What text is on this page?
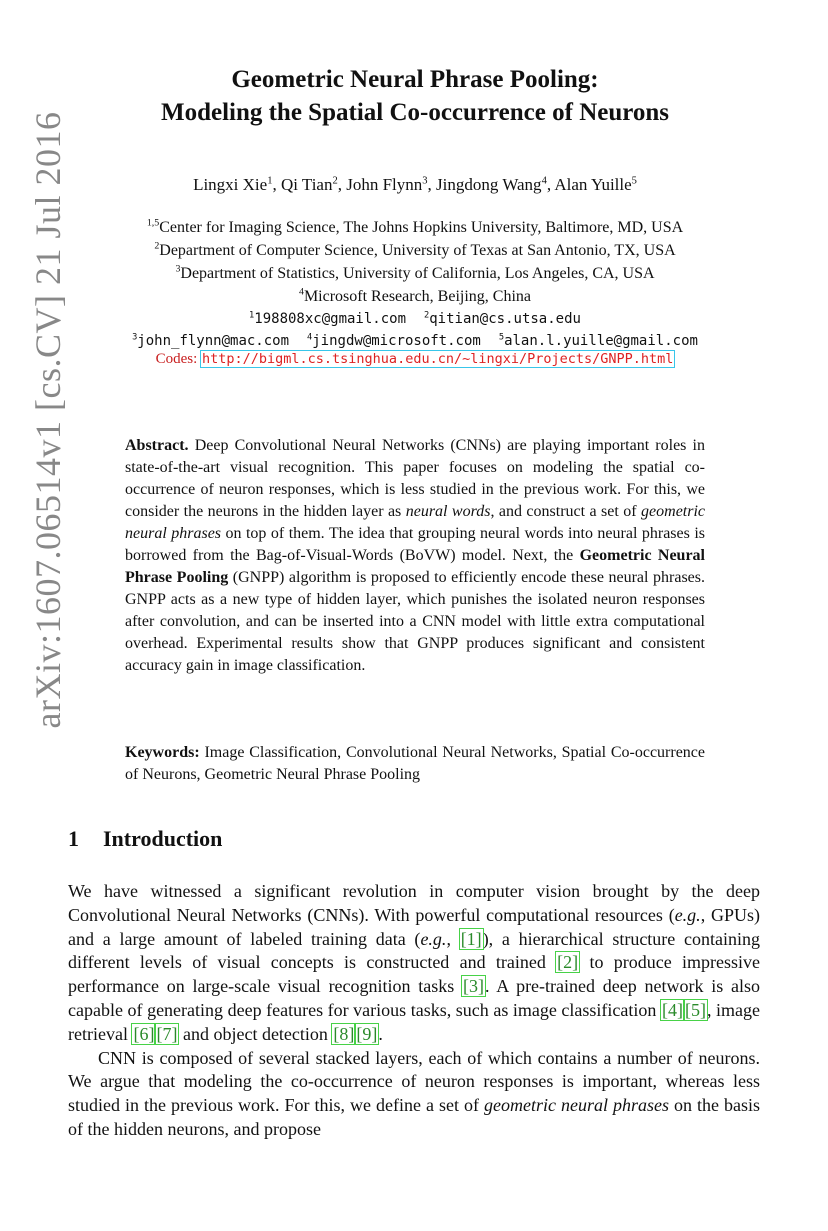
arXiv:1607.06514v1 [cs.CV] 21 Jul 2016
Geometric Neural Phrase Pooling:
Modeling the Spatial Co-occurrence of Neurons
Lingxi Xie$^1$, Qi Tian$^2$, John Flynn$^3$, Jingdong Wang$^4$, Alan Yuille$^5$
$^{1,5}$Center for Imaging Science, The Johns Hopkins University, Baltimore, MD, USA
$^2$Department of Computer Science, University of Texas at San Antonio, TX, USA
$^3$Department of Statistics, University of California, Los Angeles, CA, USA
$^4$Microsoft Research, Beijing, China
$^1$198808xc@gmail.com $^2$qitian@cs.utsa.edu
$^3$john_flynn@mac.com $^4$jingdw@microsoft.com $^5$alan.l.yuille@gmail.com
Codes: http://bigml.cs.tsinghua.edu.cn/~lingxi/Projects/GNPP.html
Abstract. Deep Convolutional Neural Networks (CNNs) are playing important roles in state-of-the-art visual recognition. This paper focuses on modeling the spatial co-occurrence of neuron responses, which is less studied in the previous work. For this, we consider the neurons in the hidden layer as neural words, and construct a set of geometric neural phrases on top of them. The idea that grouping neural words into neural phrases is borrowed from the Bag-of-Visual-Words (BoVW) model. Next, the Geometric Neural Phrase Pooling (GNPP) algorithm is proposed to efficiently encode these neural phrases. GNPP acts as a new type of hidden layer, which punishes the isolated neuron responses after convolution, and can be inserted into a CNN model with little extra computational overhead. Experimental results show that GNPP produces significant and consistent accuracy gain in image classification.
Keywords: Image Classification, Convolutional Neural Networks, Spatial Co-occurrence of Neurons, Geometric Neural Phrase Pooling
1 Introduction

We have witnessed a significant revolution in computer vision brought by the deep Convolutional Neural Networks (CNNs). With powerful computational resources (e.g., GPUs) and a large amount of labeled training data (e.g., [1]), a hierarchical structure containing different levels of visual concepts is constructed and trained [2] to produce impressive performance on large-scale visual recognition tasks [3]. A pre-trained deep network is also capable of generating deep features for various tasks, such as image classification [4] [5], image retrieval [6] [7] and object detection [8] [9].

CNN is composed of several stacked layers, each of which contains a number of neurons. We argue that modeling the co-occurrence of neuron responses is important, whereas less studied in the previous work. For this, we define a set of geometric neural phrases on the basis of the hidden neurons, and propose
